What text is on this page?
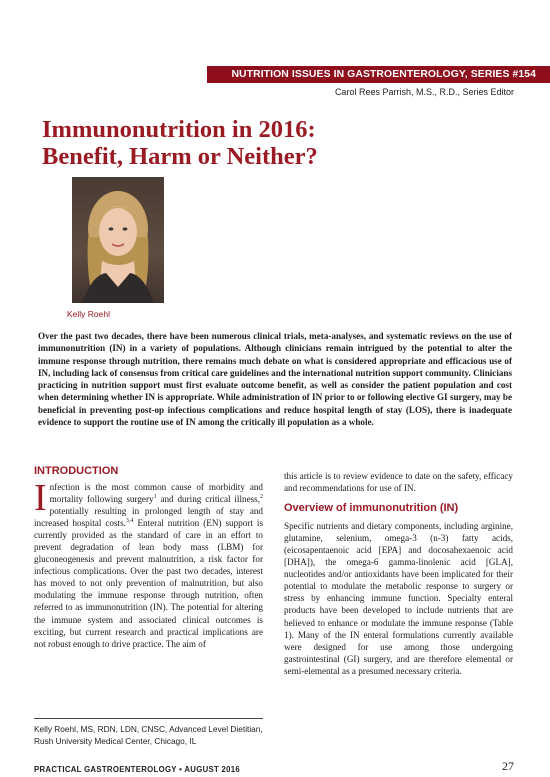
NUTRITION ISSUES IN GASTROENTEROLOGY, SERIES #154
Carol Rees Parrish, M.S., R.D., Series Editor
Immunonutrition in 2016:
Benefit, Harm or Neither?
Kelly Roehl

Over the past two decades, there have been numerous clinical trials, meta-analyses, and systematic reviews on the use of immunonutrition (IN) in a variety of populations. Although clinicians remain intrigued by the potential to alter the immune response through nutrition, there remains much debate on what is considered appropriate and efficacious use of IN, including lack of consensus from critical care guidelines and the international nutrition support community. Clinicians practicing in nutrition support must first evaluate outcome benefit, as well as consider the patient population and cost when determining whether IN is appropriate. While administration of IN prior to or following elective GI surgery, may be beneficial in preventing post-op infectious complications and reduce hospital length of stay (LOS), there is inadequate evidence to support the routine use of IN among the critically ill population as a whole.

INTRODUCTION

Infection is the most common cause of morbidity and mortality following surgery$^1$ and during critical illness,$^2$ potentially resulting in prolonged length of stay and increased hospital costs.$^{3,4}$ Enteral nutrition (EN) support is currently provided as the standard of care in an effort to prevent degradation of lean body mass (LBM) for gluconeogenesis and prevent malnutrition, a risk factor for infectious complications. Over the past two decades, interest has moved to not only prevention of malnutrition, but also modulating the immune response through nutrition, often referred to as immunonutrition (IN). The potential for altering the immune system and associated clinical outcomes is exciting, but current research and practical implications are not robust enough to drive practice. The aim of

this article is to review evidence to date on the safety, efficacy and recommendations for use of IN.

Overview of immunonutrition (IN)

Specific nutrients and dietary components, including arginine, glutamine, selenium, omega-3 (n-3) fatty acids, (eicosapentaenoic acid [EPA] and docosahexaenoic acid [DHA]), the omega-6 gamma-linolenic acid [GLA], nucleotides and/or antioxidants have been implicated for their potential to modulate the metabolic response to surgery or stress by enhancing immune function. Specialty enteral products have been developed to include nutrients that are believed to enhance or modulate the immune response (Table 1). Many of the IN enteral formulations currently available were designed for use among those undergoing gastrointestinal (GI) surgery, and are therefore elemental or semi-elemental as a presumed necessary criteria.

Kelly Roehl, MS, RDN, LDN, CNSC, Advanced Level Dietitian, Rush University Medical Center, Chicago, IL
PRACTICAL GASTROENTEROLOGY • AUGUST 2016	27
